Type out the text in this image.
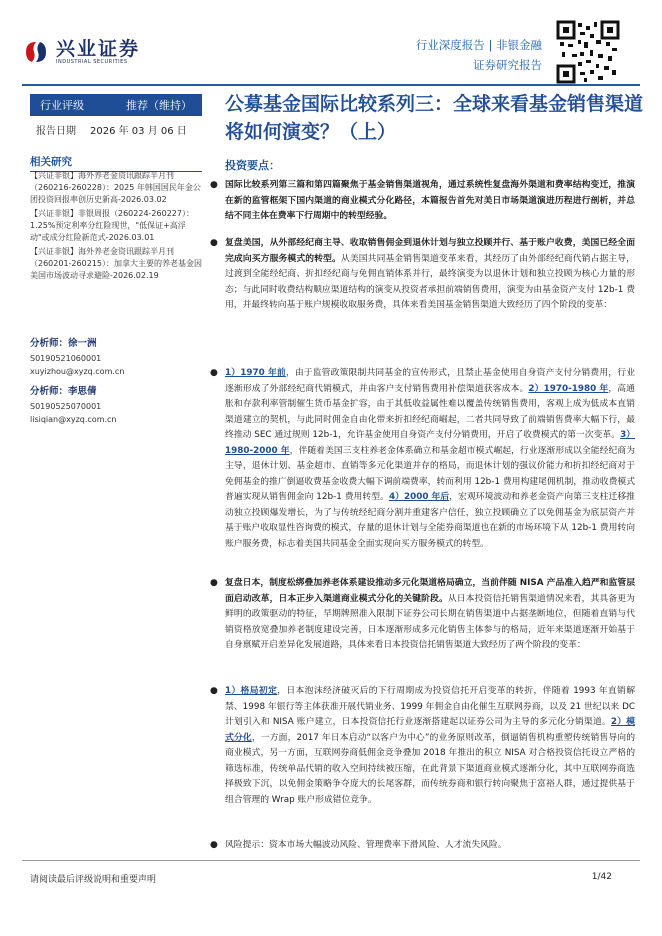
兴业证券
INDUSTRIAL SECURITIES
行业深度报告 | 非银金融
证券研究报告
行业评级	推荐（维持）
报告日期 2026 年 03 月 06 日
相关研究

【兴证非银】海外养老金资讯跟踪半月刊（260216-260228）：2025 年韩国国民年金公团投资回报率创历史新高-2026.03.02

【兴证非银】非银周报（260224-260227）：1.25%预定利率分红险现世，"低保证+高浮动"或成分红险新范式-2026.03.01

【兴证非银】海外养老金资讯跟踪半月刊（260201-260215）：加拿大主要的养老基金因美国市场波动寻求避险-2026.02.19

分析师：徐一洲
S0190521060001
xuyizhou@xyzq.com.cn
分析师：李思倩
S0190525070001
lisiqian@xyzq.com.cn
公募基金国际比较系列三：全球来看基金销售渠道将如何演变？（上）
投资要点：
● 国际比较系列第三篇和第四篇聚焦于基金销售渠道视角，通过系统性复盘海外渠道和费率结构变迁，推演在新的监管框架下国内渠道的商业模式分化路径，本篇报告首先对美日市场渠道演进历程进行剖析，并总结不同主体在费率下行周期中的转型经验。
● 复盘美国，从外部经纪商主导、收取销售佣金到退休计划与独立投顾并行、基于账户收费，美国已经全面完成向买方服务模式的转型。从美国共同基金销售渠道变革来看，其经历了由外部经纪商代销占据主导，过渡到全能经纪商、折扣经纪商与免佣直销体系并行，最终演变为以退休计划和独立投顾为核心力量的形态；与此同时收费结构顺应渠道结构的演变从投资者承担前端销售费用，演变为由基金资产支付 12b-1 费用，并最终转向基于账户规模收取服务费，具体来看美国基金销售渠道大致经历了四个阶段的变革：
● 1）1970 年前，由于监管政策限制共同基金的宣传形式，且禁止基金使用自身资产支付分销费用，行业逐渐形成了外部经纪商代销模式，并由客户支付销售费用补偿渠道获客成本。2）1970-1980 年，高通胀和存款利率管制催生货币基金扩容，由于其低收益属性难以覆盖传统销售费用，客观上成为低成本直销渠道建立的契机，与此同时佣金自由化带来折扣经纪商崛起，二者共同导致了前端销售费率大幅下行，最终推动 SEC 通过规则 12b-1，允许基金使用自身资产支付分销费用，开启了收费模式的第一次变革。3）1980-2000 年，伴随着美国三支柱养老金体系确立和基金超市模式崛起，行业逐渐形成以全能经纪商为主导，退休计划、基金超市、直销等多元化渠道并存的格局，而退休计划的强议价能力和折扣经纪商对于免佣基金的推广倒逼收费基金收费大幅下调前端费率，转而利用 12b-1 费用构建尾佣机制，推动收费模式普遍实现从销售佣金向 12b-1 费用转型。4）2000 年后，宏观环境波动和养老金资产向第三支柱迁移推动独立投顾爆发增长，为了与传统经纪商分割并重建客户信任，独立投顾确立了以免佣基金为底层资产并基于账户收取显性咨询费的模式，存量的退休计划与全能券商渠道也在新的市场环境下从 12b-1 费用转向账户服务费，标志着美国共同基金全面实现向买方服务模式的转型。
● 复盘日本，制度松绑叠加养老体系建设推动多元化渠道格局确立，当前伴随 NISA 产品准入趋严和监管层面启动改革，日本正步入渠道商业模式分化的关键阶段。从日本投资信托销售渠道情况来看，其具备更为鲜明的政策驱动的特征，早期牌照准入限制下证券公司长期在销售渠道中占据垄断地位，但随着直销与代销资格放宽叠加养老制度建设完善，日本逐渐形成多元化销售主体参与的格局，近年来渠道逐渐开始基于自身禀赋开启差异化发展道路，具体来看日本投资信托销售渠道大致经历了两个阶段的变革：
● 1）格局初定，日本泡沫经济破灭后的下行周期成为投资信托开启变革的转折，伴随着 1993 年直销解禁、1998 年银行等主体获准开展代销业务、1999 年佣金自由化催生互联网券商，以及 21 世纪以来 DC 计划引入和 NISA 账户建立，日本投资信托行业逐渐搭建起以证券公司为主导的多元化分销渠道。2）模式分化，一方面，2017 年日本启动“以客户为中心”的业务原则改革，倒逼销售机构重塑传统销售导向的商业模式，另一方面，互联网券商低佣金竞争叠加 2018 年推出的积立 NISA 对合格投资信托设立严格的筛选标准，传统单品代销的收入空间持续被压缩，在此背景下渠道商业模式逐渐分化，其中互联网券商选择极致下沉，以免佣金策略争夺庞大的长尾客群，而传统券商和银行转向聚焦于富裕人群，通过提供基于组合管理的 Wrap 账户形成错位竞争。
● 风险提示：资本市场大幅波动风险、管理费率下滑风险、人才流失风险。
请阅读最后评级说明和重要声明	1/42
